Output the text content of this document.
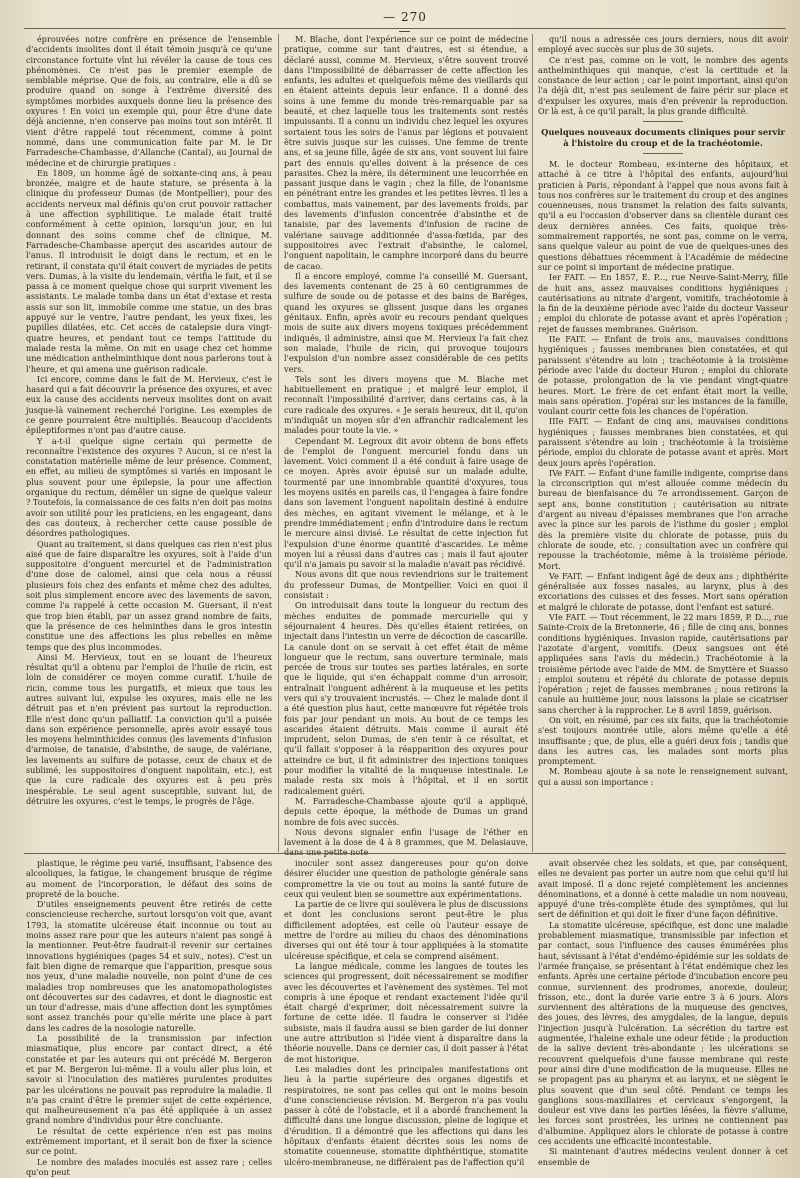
— 270 —

éprouvées notre confrère en présence de l'ensemble d'accidents insolites dont il était témoin jusqu'à ce qu'une circonstance fortuite vînt lui révéler la cause de tous ces phénomènes. Ce n'est pas le premier exemple de semblable méprise. Que de fois, au contraire, elle a dû se produire quand on songe à l'extrême diversité des symptômes morbides auxquels donne lieu la présence des oxyures ! En voici un exemple qui, pour être d'une date déjà ancienne, n'en conserve pas moins tout son intérêt. Il vient d'être rappelé tout récemment, comme à point nommé, dans une communication faite par M. le Dr Farradesche-Chambasse, d'Allanche (Cantal), au Journal de médecine et de chirurgie pratiques :

En 1809, un homme âgé de soixante-cinq ans, à peau bronzée, maigre et de haute stature, se présenta à la clinique du professeur Dumas (de Montpellier), pour des accidents nerveux mal définis qu'on crut pouvoir rattacher à une affection syphilitique. Le malade était traité conformément à cette opinion, lorsqu'un jour, en lui donnant des soins comme chef de clinique, M. Farradesche-Chambasse aperçut des ascarides autour de l'anus. Il introduisit le doigt dans le rectum, et en le retirant, il constata qu'il était couvert de myriades de petits vers. Dumas, à la visite du lendemain, vérifia le fait, et il se passa à ce moment quelque chose qui surprit vivement les assistants. Le malade tomba dans un état d'extase et resta assis sur son lit, immobile comme une statue, un des bras appuyé sur le ventre, l'autre pendant, les yeux fixes, les pupilles dilatées, etc. Cet accès de catalepsie dura vingt-quatre heures, et pendant tout ce temps l'attitude du malade resta la même. On mit en usage chez cet homme une médication anthelminthique dont nous parlerons tout à l'heure, et qui amena une guérison radicale.

Ici encore, comme dans le fait de M. Hervieux, c'est le hasard qui a fait découvrir la présence des oxyures, et avec eux la cause des accidents nerveux insolites dont on avait jusque-là vainement recherché l'origine. Les exemples de ce genre pourraient être multipliés. Beaucoup d'accidents épileptiformes n'ont pas d'autre cause.

Y a-t-il quelque signe certain qui permette de reconnaître l'existence des oxyures ? Aucun, si ce n'est la constatation matérielle même de leur présence. Comment, en effet, au milieu de symptômes si variés en imposant le plus souvent pour une épilepsie, la pour une affection organique du rectum, démêler un signe de quelque valeur ? Toutefois, la connaissance de ces faits n'en doit pas moins avoir son utilité pour les praticiens, en les engageant, dans des cas douteux, à rechercher cette cause possible de désordres pathologiques.

Quant au traitement, si dans quelques cas rien n'est plus aisé que de faire disparaître les oxyures, soit à l'aide d'un suppositoire d'onguent mercuriel et de l'administration d'une dose de calomel, ainsi que cela nous a réussi plusieurs fois chez des enfants et même chez des adultes, soit plus simplement encore avec des lavements de savon, comme l'a rappelé à cette occasion M. Guersant, il n'est que trop bien établi, par un assez grand nombre de faits, que la présence de ces helminthes dans le gros intestin constitue une des affections les plus rebelles en même temps que des plus incommodes.

Ainsi M. Hervieux, tout en se louant de l'heureux résultat qu'il a obtenu par l'emploi de l'huile de ricin, est loin de considérer ce moyen comme curatif. L'huile de ricin, comme tous les purgatifs, et mieux que tous les autres suivant lui, expulse les oxyures, mais elle ne les détruit pas et n'en prévient pas surtout la reproduction. Elle n'est donc qu'un palliatif. La conviction qu'il a puisée dans son expérience personnelle, après avoir essayé tous les moyens helminthicides connus (les lavements d'infusion d'armoise, de tanaisie, d'absinthe, de sauge, de valériane, les lavements au sulfure de potasse, ceux de chaux et de sublimé, les suppositoires d'onguent napolitain, etc.), est que la cure radicale des oxyures est à peu près inespérable. Le seul agent susceptible, suivant lui, de détruire les oxyures, c'est le temps, le progrès de l'âge.

M. Blache, dont l'expérience sur ce point de médecine pratique, comme sur tant d'autres, est si étendue, a déclaré aussi, comme M. Hervieux, s'être souvent trouvé dans l'impossibilité de débarrasser de cette affection les enfants, les adultes et quelquefois même des vieillards qui en étaient atteints depuis leur enfance. Il a donné des soins à une femme du monde très-remarquable par sa beauté, et chez laquelle tous les traitements sont restés impuissants. Il a connu un individu chez lequel les oxyures sortaient tous les soirs de l'anus par légions et pouvaient être suivis jusque sur les cuisses. Une femme de trente ans, et sa jeune fille, âgée de six ans, vont souvent lui faire part des ennuis qu'elles doivent à la présence de ces parasites. Chez la mère, ils déterminent une leucorrhée en passant jusque dans le vagin ; chez la fille, de l'onanisme en pénétrant entre les grandes et les petites lèvres. Il les a combattus, mais vainement, par des lavements froids, par des lavements d'infusion concentrée d'absinthe et de tanaisie, par des lavements d'infusion de racine de valériane sauvage additionnée d'assa-fœtida, par des suppositoires avec l'extrait d'absinthe, le calomel, l'onguent napolitain, le camphre incorporé dans du beurre de cacao.

Il a encore employé, comme l'a conseillé M. Guersant, des lavements contenant de 25 à 60 centigrammes de sulfure de soude ou de potasse et des bains de Baréges, quand les oxyures se glissent jusque dans les organes génitaux. Enfin, après avoir eu recours pendant quelques mois de suite aux divers moyens toxiques précédemment indiqués, il administre, ainsi que M. Hervieux l'a fait chez son malade, l'huile de ricin, qui provoque toujours l'expulsion d'un nombre assez considérable de ces petits vers.

Tels sont les divers moyens que M. Blache met habituellement en pratique ; et malgré leur emploi, il reconnaît l'impossibilité d'arriver, dans certains cas, à la cure radicale des oxyures. « Je serais heureux, dit il, qu'on m'indiquât un moyen sûr d'en affranchir radicalement les malades pour toute la vie. »

Cependant M. Legroux dit avoir obtenu de bons effets de l'emploi de l'onguent mercuriel fondu dans un lavement. Voici comment il a été conduit à faire usage de ce moyen. Après avoir épuisé sur un malade adulte, tourmenté par une innombrable quantité d'oxyures, tous les moyens usités en pareils cas, il l'engagea à faire fondre dans son lavement l'onguent napolitain destiné à enduire des mèches, en agitant vivement le mélange, et à le prendre immédiatement ; enfin d'introduire dans le rectum le mercure ainsi divisé. Le résultat de cette injection fut l'expulsion d'une énorme quantité d'ascarides. Le même moyen lui a réussi dans d'autres cas ; mais il faut ajouter qu'il n'a jamais pu savoir si la maladie n'avait pas récidivé.

Nous avons dit que nous reviendrions sur le traitement du professeur Dumas, de Montpellier. Voici en quoi il consistait :

On introduisait dans toute la longueur du rectum des mèches enduites de pommade mercurielle qui y séjournaient 4 heures. Dès qu'elles étaient retirées, on injectait dans l'intestin un verre de décoction de cascarille. La canule dont on se servait à cet effet était de même longueur que le rectum, sans ouverture terminale, mais percée de trous sur toutes ses parties latérales, en sorte que le liquide, qui s'en échappait comme d'un arrosoir, entraînait l'onguent adhérent à la muqueuse et les petits vers qui s'y trouvaient incrustés. — Chez le malade dont il a été question plus haut, cette manœuvre fut répétée trois fois par jour pendant un mois. Au bout de ce temps les ascarides étaient détruits. Mais comme il aurait été imprudent, selon Dumas, de s'en tenir à ce résultat, et qu'il fallait s'opposer à la réapparition des oxyures pour atteindre ce but, il fit administrer des injections toniques pour modifier la vitalité de la muqueuse intestinale. Le malade resta six mois à l'hôpital, et il en sortit radicalement guéri.

M. Farradesche-Chambasse ajoute qu'il a appliqué, depuis cette époque, la méthode de Dumas un grand nombre de fois avec succès.

Nous devons signaler enfin l'usage de l'éther en lavement à la dose de 4 à 8 grammes, que M. Delasiauve, dans une petite note

qu'il nous a adressée ces jours derniers, nous dit avoir employé avec succès sur plus de 30 sujets.

Ce n'est pas, comme on le voit, le nombre des agents anthelminthiques qui manque, c'est la certitude et la constance de leur action ; car le point important, ainsi qu'on l'a déjà dit, n'est pas seulement de faire périr sur place et d'expulser les oxyures, mais d'en prévenir la reproduction. Or là est, à ce qu'il paraît, la plus grande difficulté.

Quelques nouveaux documents cliniques pour servir à l'histoire du croup et de la trachéotomie.

M. le docteur Rombeau, ex-interne des hôpitaux, et attaché à ce titre à l'hôpital des enfants, aujourd'hui praticien à Paris, répondant à l'appel que nous avons fait à tous nos confrères sur le traitement du croup et des angines couenneuses, nous transmet la relation des faits suivants, qu'il a eu l'occasion d'observer dans sa clientèle durant ces deux dernières années. Ces faits, quoique très-sommairement rapportés, ne sont pas, comme on le verra, sans quelque valeur au point de vue de quelques-unes des questions débattues récemment à l'Académie de médecine sur ce point si important de médecine pratique.

Ier FAIT. — En 1857, E. P..., rue Neuve-Saint-Merry, fille de huit ans, assez mauvaises conditions hygiéniques ; cautérisations au nitrate d'argent, vomitifs, trachéotomie à la fin de la deuxième période avec l'aide du docteur Vasseur ; emploi du chlorate de potasse avant et après l'opération ; rejet de fausses membranes. Guérison.

IIe FAIT. — Enfant de trois ans, mauvaises conditions hygiéniques ; fausses membranes bien constatées, et qui paraissent s'étendre au loin ; trachéotomie à la troisième période avec l'aide du docteur Huron ; emploi du chlorate de potasse, prolongation de la vie pendant vingt-quatre heures. Mort. Le frère de cet enfant était mort la veille, mais sans opération. J'opérai sur les instances de la famille, voulant courir cette fois les chances de l'opération.

IIIe FAIT. — Enfant de cinq ans, mauvaises conditions hygiéniques ; fausses membranes bien constatées, et qui paraissent s'étendre au loin ; trachéotomie à la troisième période, emploi du chlorate de potasse avant et après. Mort deux jours après l'opération.

IVe FAIT. — Enfant d'une famille indigente, comprise dans la circonscription qui m'est allouée comme médecin du bureau de bienfaisance du 7e arrondissement. Garçon de sept ans, bonne constitution ; cautérisation au nitrate d'argent au niveau d'épaisses membranes que l'on arrache avec la pince sur les parois de l'isthme du gosier ; emploi dès la première visite du chlorate de potasse, puis du chlorate de soude, etc. ; consultation avec un confrère qui repousse la trachéotomie, même à la troisième période. Mort.

Ve FAIT. — Enfant indigent âgé de deux ans ; diphthérite généralisée aux fosses nasales, au larynx, plus à des excoriations des cuisses et des fesses. Mort sans opération et malgré le chlorate de potasse, dont l'enfant est saturé.

VIe FAIT. — Tout récemment, le 22 mars 1859, P. D..., rue Sainte-Croix de la Bretonnerie, 46 ; fille de cinq ans, bonnes conditions hygiéniques. Invasion rapide, cautérisations par l'azotate d'argent, vomitifs. (Deux sangsues ont été appliquées sans l'avis du médecin.) Trachéotomie à la troisième période avec l'aide de MM. de Smyttère et Suasso ; emploi soutenu et répété du chlorate de potasse depuis l'opération ; rejet de fausses membranes ; nous retirons la canule au huitième jour, nous laissons la plaie se cicatriser sans chercher à la rapprocher. Le 8 avril 1859, guérison.

On voit, en résumé, par ces six faits, que la trachéotomie s'est toujours montrée utile, alors même qu'elle a été insuffisante ; que, de plus, elle a guéri deux fois ; tandis que dans les autres cas, les malades sont morts plus promptement.

M. Rombeau ajoute à sa note le renseignement suivant, qui a aussi son importance :

plastique, le régime peu varié, insuffisant, l'absence des alcooliques, la fatigue, le changement brusque de régime au moment de l'incorporation, le défaut des soins de propreté de la bouche.

D'utiles enseignements peuvent être retirés de cette consciencieuse recherche, surtout lorsqu'on voit que, avant 1793, la stomatite ulcéreuse était inconnue ou tout au moins assez rare pour que les auteurs n'aient pas songé à la mentionner. Peut-être faudrait-il revenir sur certaines innovations hygiéniques (pages 54 et suiv., notes). C'est un fait bien digne de remarque que l'apparition, presque sous nos yeux, d'une maladie nouvelle, non point d'une de ces maladies trop nombreuses que les anatomopathologistes ont découvertes sur des cadavres, et dont le diagnostic est un tour d'adresse, mais d'une affection dont les symptômes sont assez tranchés pour qu'elle mérite une place à part dans les cadres de la nosologie naturelle.

La possibilité de la transmission par infection miasmatique, plus encore par contact direct, a été constatée et par les auteurs qui ont précédé M. Bergeron et par M. Bergeron lui-même. Il a voulu aller plus loin, et savoir si l'inoculation des matières purulentes produites par les ulcérations ne pouvait pas reproduire la maladie. Il n'a pas craint d'être le premier sujet de cette expérience, qui malheureusement n'a pas été appliquée à un assez grand nombre d'individus pour être concluante.

Le résultat de cette expérience n'en est pas moins extrêmement important, et il serait bon de fixer la science sur ce point.

Le nombre des malades inoculés est assez rare ; celles qu'on peut

inoculer sont assez dangereuses pour qu'on doive désirer élucider une question de pathologie générale sans compromettre la vie ou tout au moins la santé future de ceux qui veulent bien se soumettre aux expérimentations.

La partie de ce livre qui soulèvera le plus de discussions et dont les conclusions seront peut-être le plus difficilement adoptées, est celle où l'auteur essaye de mettre de l'ordre au milieu du chaos des dénominations diverses qui ont été tour à tour appliquées à la stomatite ulcéreuse spécifique, et cela se comprend aisément.

La langue médicale, comme les langues de toutes les sciences qui progressent, doit nécessairement se modifier avec les découvertes et l'avènement des systèmes. Tel mot compris à une époque et rendant exactement l'idée qu'il était chargé d'exprimer, doit nécessairement suivre la fortune de cette idée. Il faudra le conserver si l'idée subsiste, mais il faudra aussi se bien garder de lui donner une autre attribution si l'idée vient à disparaître dans la théorie nouvelle. Dans ce dernier cas, il doit passer à l'état de mot historique.

Les maladies dont les principales manifestations ont lieu à la partie supérieure des organes digestifs et respiratoires, ne sont pas celles qui ont le moins besoin d'une consciencieuse révision. M. Bergeron n'a pas voulu passer à côté de l'obstacle, et il a abordé franchement la difficulté dans une longue discussion, pleine de logique et d'érudition. Il a démontré que les affections qui dans les hôpitaux d'enfants étaient décrites sous les noms de stomatite couenneuse, stomatite diphthéritique, stomatite ulcéro-membraneuse, ne différaient pas de l'affection qu'il

avait observée chez les soldats, et que, par conséquent, elles ne devaient pas porter un autre nom que celui qu'il lui avait imposé. Il a donc rejeté complètement les anciennes dénominations, et a donné à cette maladie un nom nouveau, appuyé d'une très-complète étude des symptômes, qui lui sert de définition et qui doit le fixer d'une façon définitive.

La stomatite ulcéreuse, spécifique, est donc une maladie probablement miasmatique, transmissible par infection et par contact, sous l'influence des causes énumérées plus haut, sévissant à l'état d'endémo-épidémie sur les soldats de l'armée française, se présentant à l'état endémique chez les enfants. Après une certaine période d'incubation encore peu connue, surviennent des prodromes, anorexie, douleur, frisson, etc., dont la durée varie entre 3 à 6 jours. Alors surviennent des altérations de la muqueuse des gencives, des joues, des lèvres, des amygdales, de la langue, depuis l'injection jusqu'à l'ulcération. La sécrétion du tartre est augmentée, l'haleine exhale une odeur fétide ; la production de la salive devient très-abondante ; les ulcérations se recouvrent quelquefois d'une fausse membrane qui reste pour ainsi dire d'une modification de la muqueuse. Elles ne se propagent pas au pharynx et au larynx, et ne siègent le plus souvent que d'un seul côté. Pendant ce temps les ganglions sous-maxillaires et cervicaux s'engorgent, la douleur est vive dans les parties lésées, la fièvre s'allume, les forces sont prostrées, les urines ne contiennent pas d'albumine. Appliquez alors le chlorate de potasse à contre ces accidents une efficacité incontestable.

Si maintenant d'autres médecins veulent donner à cet ensemble de
